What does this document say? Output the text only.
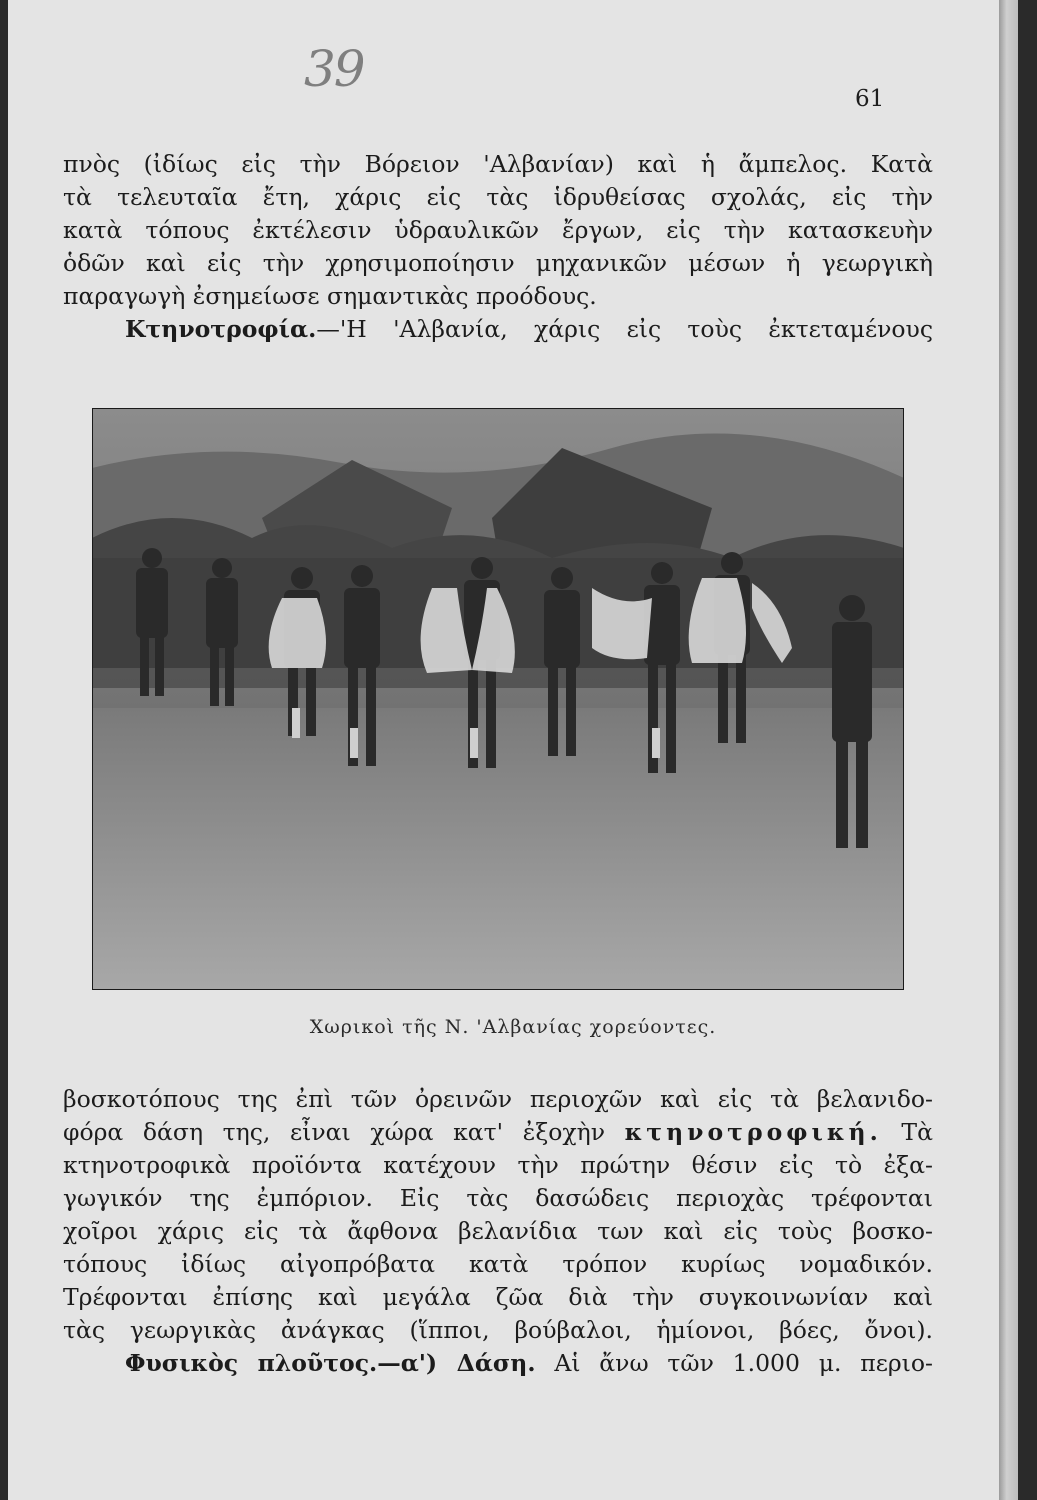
39
61
πνὸς (ἰδίως εἰς τὴν Βόρειον 'Αλβανίαν) καὶ ἡ ἄμπελος. Κατὰ
τὰ τελευταῖα ἔτη, χάρις εἰς τὰς ἱδρυθείσας σχολάς, εἰς τὴν
κατὰ τόπους ἐκτέλεσιν ὑδραυλικῶν ἔργων, εἰς τὴν κατασκευὴν
ὁδῶν καὶ εἰς τὴν χρησιμοποίησιν μηχανικῶν μέσων ἡ γεωργικὴ
παραγωγὴ ἐσημείωσε σημαντικὰς προόδους.
Κτηνοτροφία.—'Η 'Αλβανία, χάρις εἰς τοὺς ἐκτεταμένους
Χωρικοὶ τῆς Ν. 'Αλβανίας χορεύοντες.
βοσκοτόπους της ἐπὶ τῶν ὀρεινῶν περιοχῶν καὶ εἰς τὰ βελανιδο-
φόρα δάση της, εἶναι χώρα κατ' ἐξοχὴν κτηνοτροφική. Τὰ
κτηνοτροφικὰ προϊόντα κατέχουν τὴν πρώτην θέσιν εἰς τὸ ἐξα-
γωγικόν της ἐμπόριον. Εἰς τὰς δασώδεις περιοχὰς τρέφονται
χοῖροι χάρις εἰς τὰ ἄφθονα βελανίδια των καὶ εἰς τοὺς βοσκο-
τόπους ἰδίως αἰγοπρόβατα κατὰ τρόπον κυρίως νομαδικόν.
Τρέφονται ἐπίσης καὶ μεγάλα ζῶα διὰ τὴν συγκοινωνίαν καὶ
τὰς γεωργικὰς ἀνάγκας (ἵπποι, βούβαλοι, ἡμίονοι, βόες, ὄνοι).
Φυσικὸς πλοῦτος.—α') Δάση. Αἱ ἄνω τῶν 1.000 μ. περιο-
